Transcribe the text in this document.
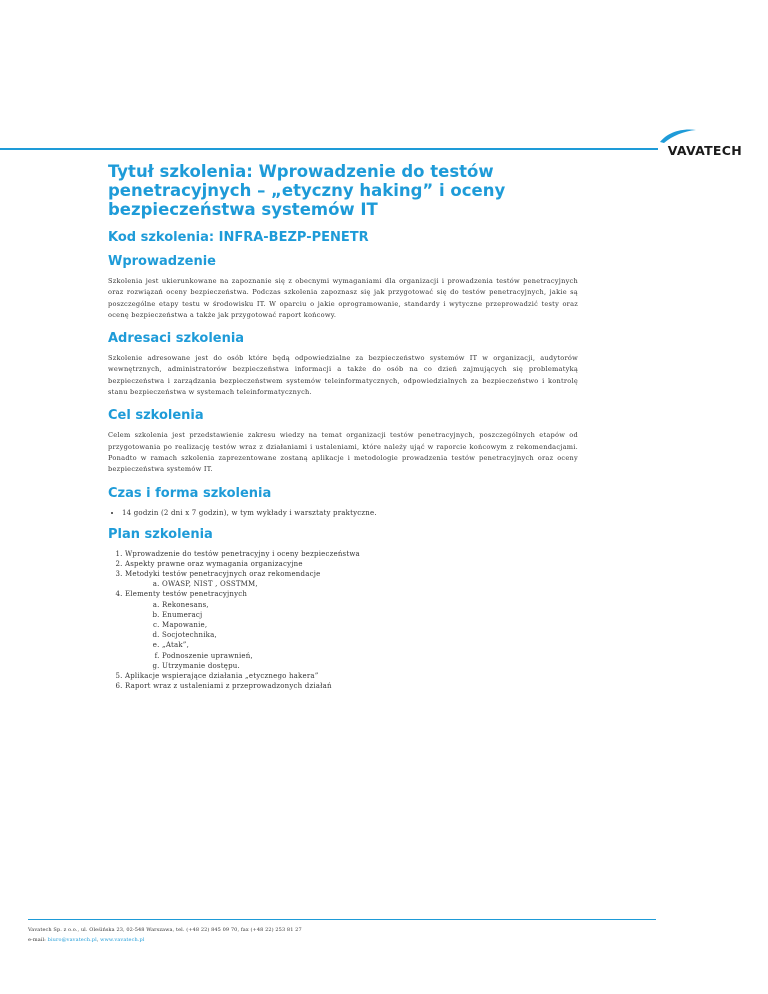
VAVATECH
Tytuł szkolenia: Wprowadzenie do testów penetracyjnych – „etyczny haking” i oceny bezpieczeństwa systemów IT
Kod szkolenia: INFRA-BEZP-PENETR
Wprowadzenie

Szkolenia jest ukierunkowane na zapoznanie się z obecnymi wymaganiami dla organizacji i prowadzenia testów penetracyjnych oraz rozwiązań oceny bezpieczeństwa. Podczas szkolenia zapoznasz się jak przygotować się do testów penetracyjnych, jakie są poszczególne etapy testu w środowisku IT. W oparciu o jakie oprogramowanie, standardy i wytyczne przeprowadzić testy oraz ocenę bezpieczeństwa a także jak przygotować raport końcowy.

Adresaci szkolenia

Szkolenie adresowane jest do osób które będą odpowiedzialne za bezpieczeństwo systemów IT w organizacji, audytorów wewnętrznych, administratorów bezpieczeństwa informacji a także do osób na co dzień zajmujących się problematyką bezpieczeństwa i zarządzania bezpieczeństwem systemów teleinformatycznych, odpowiedzialnych za bezpieczeństwo i kontrolę stanu bezpieczeństwa w systemach teleinformatycznych.

Cel szkolenia

Celem szkolenia jest przedstawienie zakresu wiedzy na temat organizacji testów penetracyjnych, poszczególnych etapów od przygotowania po realizację testów wraz z działaniami i ustaleniami, które należy ująć w raporcie końcowym z rekomendacjami. Ponadto w ramach szkolenia zaprezentowane zostaną aplikacje i metodologie prowadzenia testów penetracyjnych oraz oceny bezpieczeństwa systemów IT.

Czas i forma szkolenia
• 14 godzin (2 dni x 7 godzin), w tym wykłady i warsztaty praktyczne.
Plan szkolenia
1. Wprowadzenie do testów penetracyjny i oceny bezpieczeństwa
2. Aspekty prawne oraz wymagania organizacyjne
3. Metodyki testów penetracyjnych oraz rekomendacje
a. OWASP, NIST , OSSTMM,
4. Elementy testów penetracyjnych
a. Rekonesans,
b. Enumeracj
c. Mapowanie,
d. Socjotechnika,
e. „Atak”,
f. Podnoszenie uprawnień,
g. Utrzymanie dostępu.
5. Aplikacje wspierające działania „etycznego hakera”
6. Raport wraz z ustaleniami z przeprowadzonych działań
Vavatech Sp. z o.o., ul. Oleśińska 23, 02-548 Warszawa, tel. (+48 22) 845 09 70, fax (+48 22) 253 81 27
e-mail: biuro@vavatech.pl, www.vavatech.pl
